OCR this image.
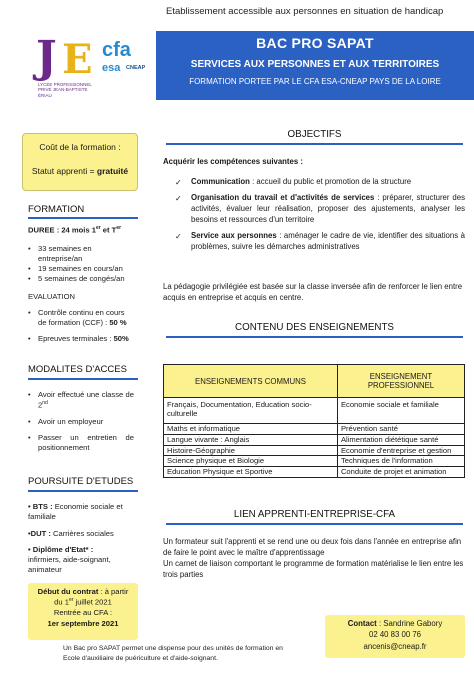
Etablissement accessible aux personnes en situation de handicap
J E
LYCÉE PROFESSIONNEL PRIVÉ JEAN-BAPTISTE ÉRIAU
cfa
esa CNEAP
BAC PRO SAPAT
SERVICES AUX PERSONNES ET AUX TERRITOIRES
FORMATION PORTEE PAR LE CFA ESA-CNEAP PAYS DE LA LOIRE
Coût de la formation :
Statut apprenti = gratuité
FORMATION
DUREE : 24 mois 1er et $T^{er}$
• 33 semaines en entreprise/an
• 19 semaines en cours/an
• 5 semaines de congés/an
EVALUATION
• Contrôle continu en cours de formation (CCF) : 50 %
• Epreuves terminales : 50%
MODALITES D'ACCES
• Avoir effectué une classe de 2nd
• Avoir un employeur
• Passer un entretien de positionnement
POURSUITE D'ETUDES
• BTS : Economie sociale et familiale
•DUT : Carrières sociales
• Diplôme d'Etat* :
infirmiers, aide-soignant, animateur
Début du contrat : à partir
du 1er juillet 2021
Rentrée au CFA :
1er septembre 2021
OBJECTIFS
Acquérir les compétences suivantes :
✓ Communication : accueil du public et promotion de la structure
✓ Organisation du travail et d'activités de services : préparer, structurer des activités, évaluer leur réalisation, proposer des ajustements, analyser les besoins et ressources d'un territoire
✓ Service aux personnes : aménager le cadre de vie, identifier des situations à problèmes, suivre les démarches administratives
La pédagogie privilégiée est basée sur la classe inversée afin de renforcer le lien entre acquis en entreprise et acquis en centre.
CONTENU DES ENSEIGNEMENTS
ENSEIGNEMENTS COMMUNS	ENSEIGNEMENT PROFESSIONNEL
Français, Documentation, Education socio-culturelle	Economie sociale et familiale
Maths et informatique	Prévention santé
Langue vivante : Anglais	Alimentation diététique santé
Histoire-Géographie	Economie d'entreprise et gestion
Science physique et Biologie	Techniques de l'information
Education Physique et Sportive	Conduite de projet et animation
LIEN APPRENTI-ENTREPRISE-CFA
Un formateur suit l'apprenti et se rend une ou deux fois dans l'année en entreprise afin de faire le point avec le maître d'apprentissage
Un carnet de liaison comportant le programme de formation matérialise le lien entre les trois parties
Contact : Sandrine Gabory
02 40 83 00 76
ancenis@cneap.fr
Un Bac pro SAPAT permet une dispense pour des unités de formation en Ecole d'auxiliaire de puériculture et d'aide-soignant.
